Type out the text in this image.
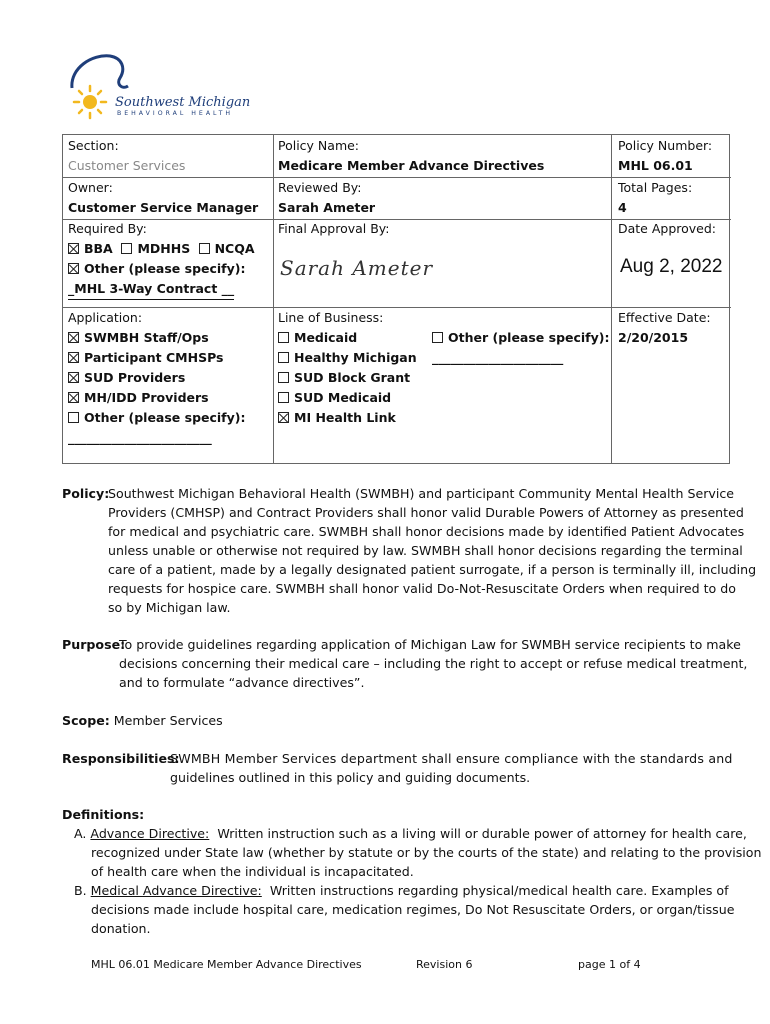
Southwest Michigan
BEHAVIORAL HEALTH
Section:
Customer Services
Policy Name:
Medicare Member Advance Directives
Policy Number:
MHL 06.01
Owner:
Customer Service Manager
Reviewed By:
Sarah Ameter
Total Pages:
4
Required By:
BBA MDHHS NCQA
Other (please specify):
_MHL 3-Way Contract __
Final Approval By:
Sarah Ameter
Date Approved:
Aug 2, 2022
Application:
SWMBH Staff/Ops
Participant CMHSPs
SUD Providers
MH/IDD Providers
Other (please specify):
_______________________
Line of Business:
Medicaid
Healthy Michigan
SUD Block Grant
SUD Medicaid
MI Health Link
Other (please specify):
_____________________
Effective Date:
2/20/2015
Policy:
Southwest Michigan Behavioral Health (SWMBH) and participant Community Mental Health Service
Providers (CMHSP) and Contract Providers shall honor valid Durable Powers of Attorney as presented
for medical and psychiatric care. SWMBH shall honor decisions made by identified Patient Advocates
unless unable or otherwise not required by law. SWMBH shall honor decisions regarding the terminal
care of a patient, made by a legally designated patient surrogate, if a person is terminally ill, including
requests for hospice care. SWMBH shall honor valid Do-Not-Resuscitate Orders when required to do
so by Michigan law.
Purpose:
To provide guidelines regarding application of Michigan Law for SWMBH service recipients to make
decisions concerning their medical care – including the right to accept or refuse medical treatment,
and to formulate “advance directives”.
Scope: Member Services
Responsibilities:
SWMBH Member Services department shall ensure compliance with the standards and
guidelines outlined in this policy and guiding documents.
Definitions:
A. Advance Directive: Written instruction such as a living will or durable power of attorney for health care,
recognized under State law (whether by statute or by the courts of the state) and relating to the provision
of health care when the individual is incapacitated.
B. Medical Advance Directive: Written instructions regarding physical/medical health care. Examples of
decisions made include hospital care, medication regimes, Do Not Resuscitate Orders, or organ/tissue
donation.
MHL 06.01 Medicare Member Advance Directives	Revision 6	page 1 of 4
